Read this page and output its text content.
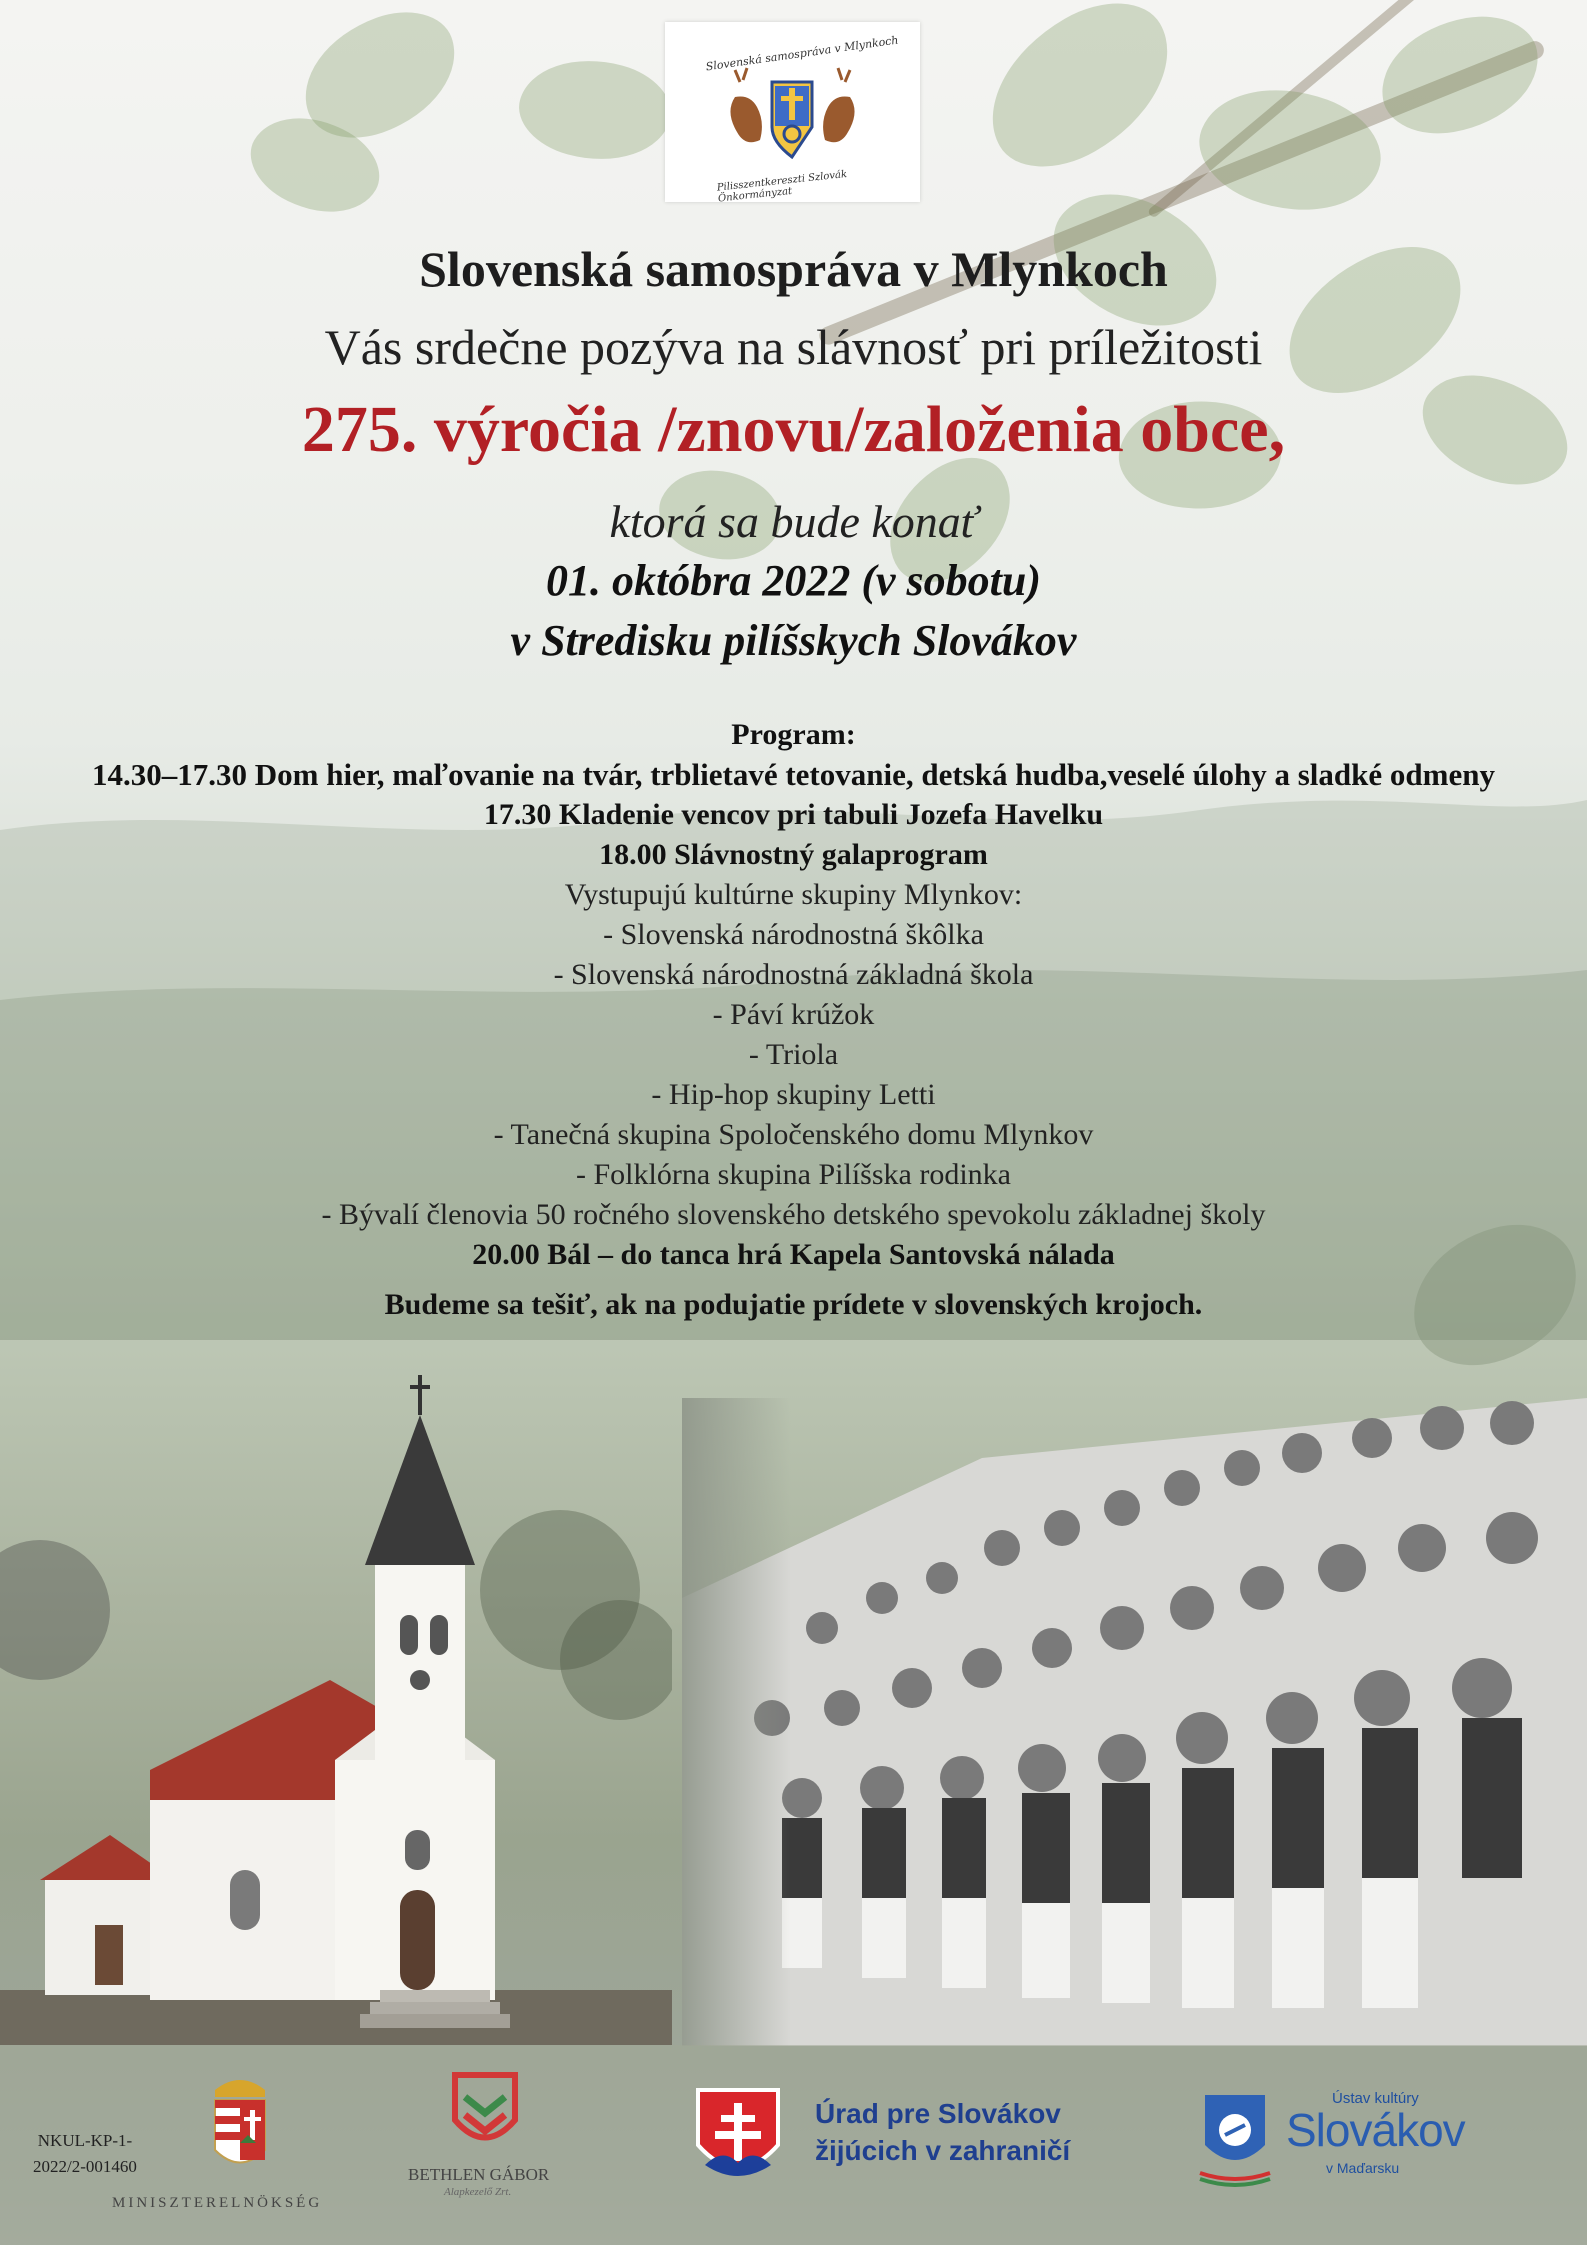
Slovenská samospráva v Mlynkoch
Pilisszentkereszti Szlovák Önkormányzat
Slovenská samospráva v Mlynkoch
Vás srdečne pozýva na slávnosť pri príležitosti
275. výročia /znovu/založenia obce,
ktorá sa bude konať
01. októbra 2022 (v sobotu)
v Stredisku pilíšskych Slovákov
Program:
14.30–17.30 Dom hier, maľovanie na tvár, trblietavé tetovanie, detská hudba,veselé úlohy a sladké odmeny
17.30 Kladenie vencov pri tabuli Jozefa Havelku
18.00 Slávnostný galaprogram
Vystupujú kultúrne skupiny Mlynkov:
- Slovenská národnostná škôlka
- Slovenská národnostná základná škola
- Páví krúžok
- Triola
- Hip-hop skupiny Letti
- Tanečná skupina Spoločenského domu Mlynkov
- Folklórna skupina Pilíšska rodinka
- Bývalí členovia 50 ročného slovenského detského spevokolu základnej školy
20.00 Bál – do tanca hrá Kapela Santovská nálada
Budeme sa tešiť, ak na podujatie prídete v slovenských krojoch.
NKUL-KP-1-
2022/2-001460
MINISZTERELNÖKSÉG
BETHLEN GÁBOR
Alapkezelő Zrt.
Úrad pre Slovákov
žijúcich v zahraničí
Ústav kultúry
Slovákov
v Maďarsku
